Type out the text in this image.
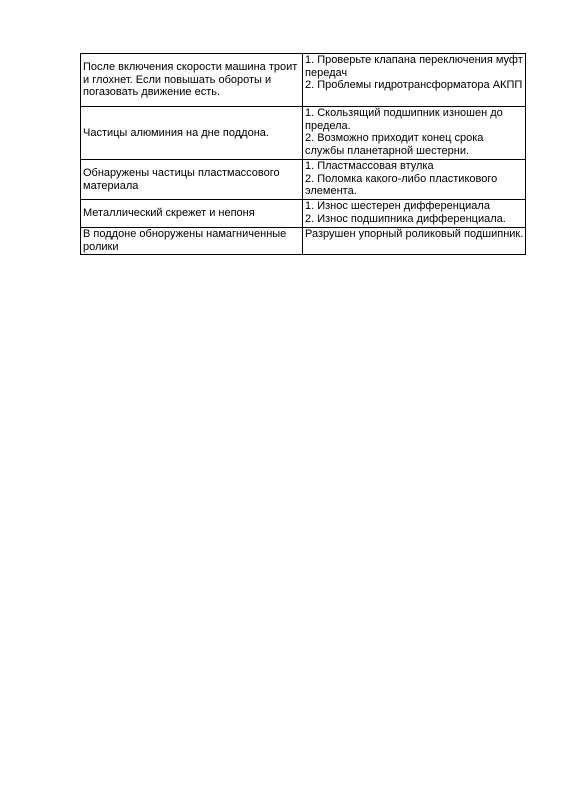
После включения скорости машина троит и глохнет. Если повышать обороты и погазовать движение есть.	1. Проверьте клапана переключения муфт передач
2. Проблемы гидротрансформатора АКПП
Частицы алюминия на дне поддона.	1. Скользящий подшипник изношен до предела.
2. Возможно приходит конец срока службы планетарной шестерни.
Обнаружены частицы пластмассового материала	1. Пластмассовая втулка
2. Поломка какого-либо пластикового элемента.
Металлический скрежет и непоня	1. Износ шестерен дифференциала
2. Износ подшипника дифференциала.
В поддоне обноружены намагниченные ролики	Разрушен упорный роликовый подшипник.
